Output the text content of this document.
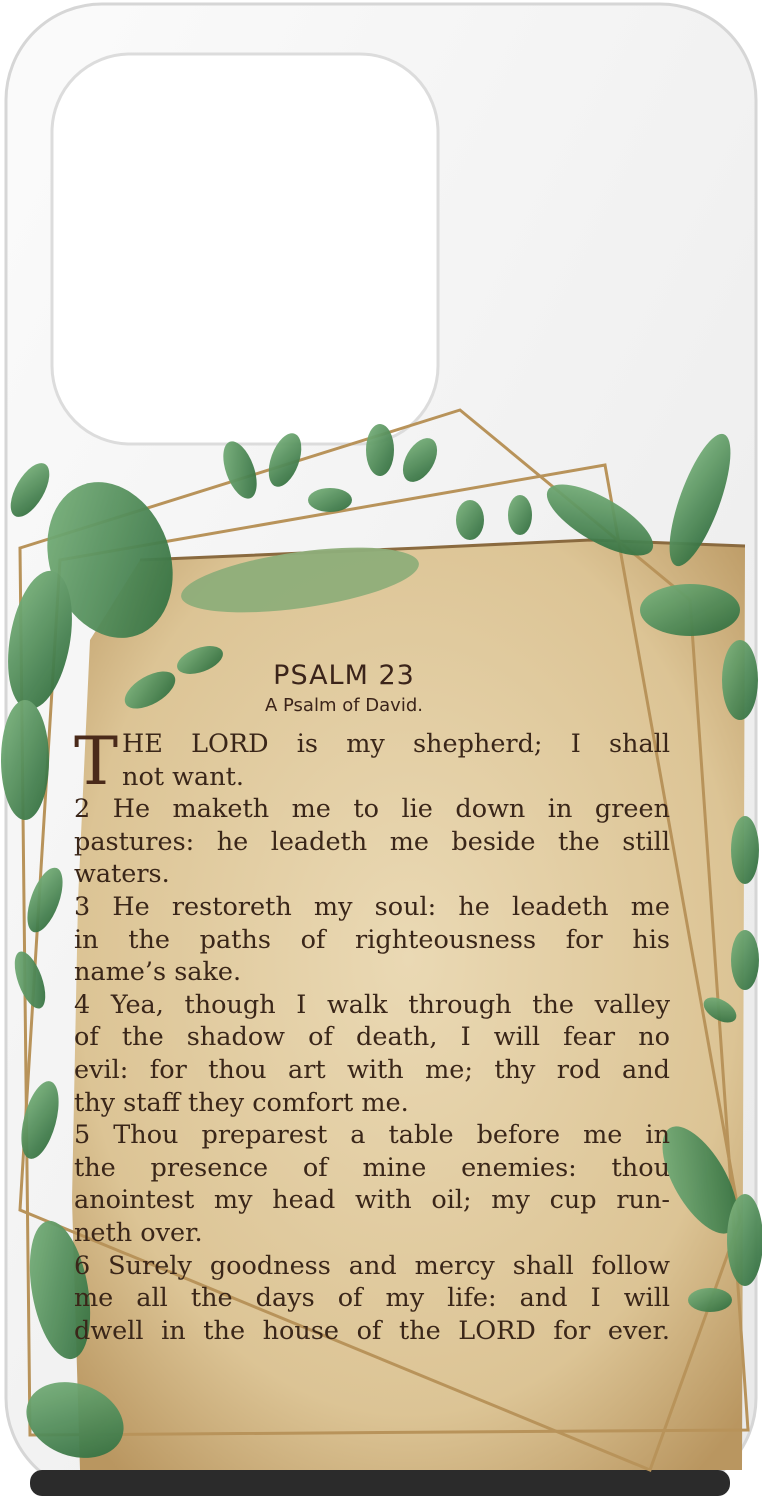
PSALM 23
A Psalm of David.
T HE LORD is my shepherd; I shall
not want.
2 He maketh me to lie down in green
pastures: he leadeth me beside the still
waters.
3 He restoreth my soul: he leadeth me
in the paths of righteousness for his
name’s sake.
4 Yea, though I walk through the valley
of the shadow of death, I will fear no
evil: for thou art with me; thy rod and
thy staff they comfort me.
5 Thou preparest a table before me in
the presence of mine enemies: thou
anointest my head with oil; my cup run-
neth over.
6 Surely goodness and mercy shall follow
me all the days of my life: and I will
dwell in the house of the LORD for ever.
